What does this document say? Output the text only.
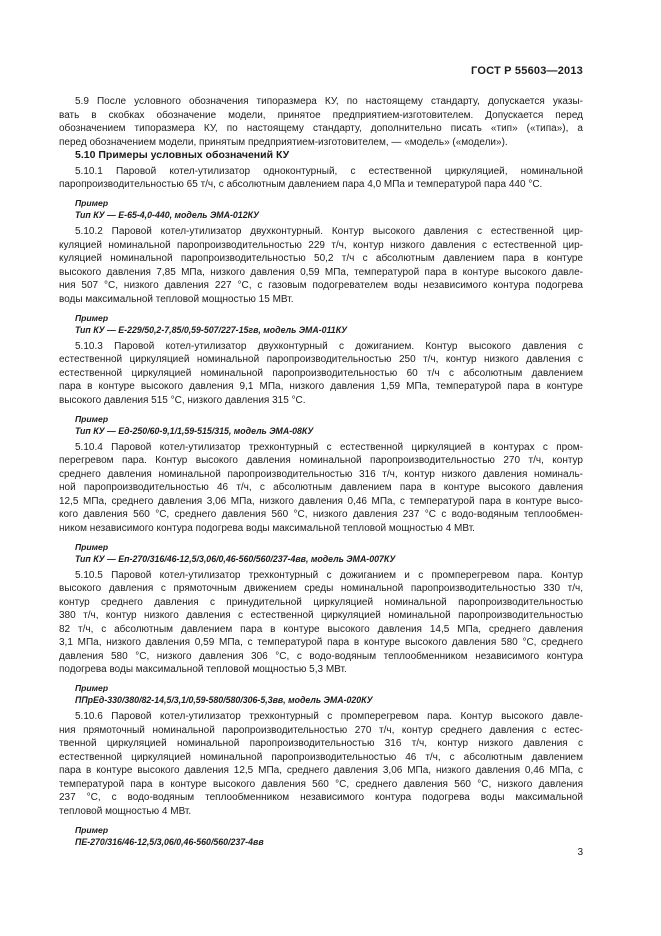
ГОСТ Р 55603—2013
5.9 После условного обозначения типоразмера КУ, по настоящему стандарту, допускается указы-
вать в скобках обозначение модели, принятое предприятием-изготовителем. Допускается перед
обозначением типоразмера КУ, по настоящему стандарту, дополнительно писать «тип» («типа»), а
перед обозначением модели, принятым предприятием-изготовителем, — «модель» («модели»).
5.10 Примеры условных обозначений КУ
5.10.1 Паровой котел-утилизатор одноконтурный, с естественной циркуляцией, номинальной
паропроизводительностью 65 т/ч, с абсолютным давлением пара 4,0 МПа и температурой пара 440 °C.
Пример
Тип КУ — Е-65-4,0-440, модель ЭМА-012КУ
5.10.2 Паровой котел-утилизатор двухконтурный. Контур высокого давления с естественной цир-
куляцией номинальной паропроизводительностью 229 т/ч, контур низкого давления с естественной цир-
куляцией номинальной паропроизводительностью 50,2 т/ч с абсолютным давлением пара в контуре
высокого давления 7,85 МПа, низкого давления 0,59 МПа, температурой пара в контуре высокого давле-
ния 507 °C, низкого давления 227 °C, с газовым подогревателем воды независимого контура подогрева
воды максимальной тепловой мощностью 15 МВт.
Пример
Тип КУ — Е-229/50,2-7,85/0,59-507/227-15гв, модель ЭМА-011КУ
5.10.3 Паровой котел-утилизатор двухконтурный с дожиганием. Контур высокого давления с
естественной циркуляцией номинальной паропроизводительностью 250 т/ч, контур низкого давления с
естественной циркуляцией номинальной паропроизводительностью 60 т/ч с абсолютным давлением
пара в контуре высокого давления 9,1 МПа, низкого давления 1,59 МПа, температурой пара в контуре
высокого давления 515 °C, низкого давления 315 °C.
Пример
Тип КУ — Ед-250/60-9,1/1,59-515/315, модель ЭМА-08КУ
5.10.4 Паровой котел-утилизатор трехконтурный с естественной циркуляцией в контурах с пром-
перегревом пара. Контур высокого давления номинальной паропроизводительностью 270 т/ч, контур
среднего давления номинальной паропроизводительностью 316 т/ч, контур низкого давления номиналь-
ной паропроизводительностью 46 т/ч, с абсолютным давлением пара в контуре высокого давления
12,5 МПа, среднего давления 3,06 МПа, низкого давления 0,46 МПа, с температурой пара в контуре высо-
кого давления 560 °C, среднего давления 560 °C, низкого давления 237 °C с водо-водяным теплообмен-
ником независимого контура подогрева воды максимальной тепловой мощностью 4 МВт.
Пример
Тип КУ — Еп-270/316/46-12,5/3,06/0,46-560/560/237-4вв, модель ЭМА-007КУ
5.10.5 Паровой котел-утилизатор трехконтурный с дожиганием и с промперегревом пара. Контур
высокого давления с прямоточным движением среды номинальной паропроизводительностью 330 т/ч,
контур среднего давления с принудительной циркуляцией номинальной паропроизводительностью
380 т/ч, контур низкого давления с естественной циркуляцией номинальной паропроизводительностью
82 т/ч, с абсолютным давлением пара в контуре высокого давления 14,5 МПа, среднего давления
3,1 МПа, низкого давления 0,59 МПа, с температурой пара в контуре высокого давления 580 °C, среднего
давления 580 °C, низкого давления 306 °C, с водо-водяным теплообменником независимого контура
подогрева воды максимальной тепловой мощностью 5,3 МВт.
Пример
ППрЕд-330/380/82-14,5/3,1/0,59-580/580/306-5,3вв, модель ЭМА-020КУ
5.10.6 Паровой котел-утилизатор трехконтурный с промперегревом пара. Контур высокого давле-
ния прямоточный номинальной паропроизводительностью 270 т/ч, контур среднего давления с естес-
твенной циркуляцией номинальной паропроизводительностью 316 т/ч, контур низкого давления с
естественной циркуляцией номинальной паропроизводительностью 46 т/ч, с абсолютным давлением
пара в контуре высокого давления 12,5 МПа, среднего давления 3,06 МПа, низкого давления 0,46 МПа, с
температурой пара в контуре высокого давления 560 °C, среднего давления 560 °C, низкого давления
237 °C, с водо-водяным теплообменником независимого контура подогрева воды максимальной
тепловой мощностью 4 МВт.
Пример
ПЕ-270/316/46-12,5/3,06/0,46-560/560/237-4вв
3
